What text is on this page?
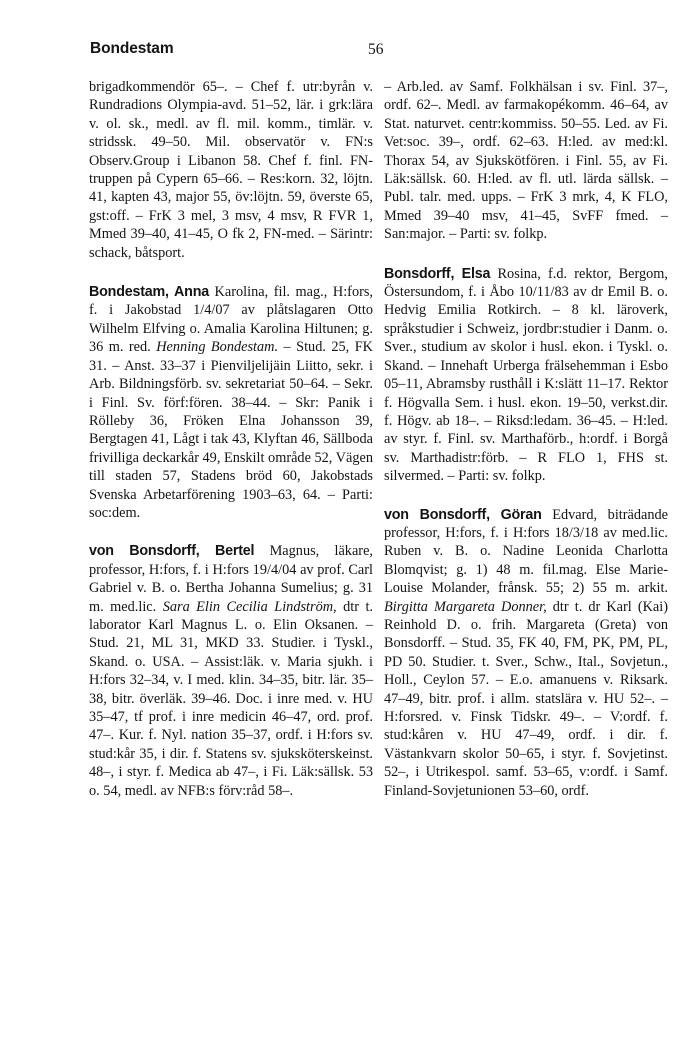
Bondestam	56

brigadkommendör 65–. – Chef f. utr:byrån v. Rundradions Olympia-avd. 51–52, lär. i grk:lära v. ol. sk., medl. av fl. mil. komm., timlär. v. stridssk. 49–50. Mil. observatör v. FN:s Observ.Group i Libanon 58. Chef f. finl. FN-truppen på Cypern 65–66. – Res:korn. 32, löjtn. 41, kapten 43, major 55, öv:löjtn. 59, överste 65, gst:off. – FrK 3 mel, 3 msv, 4 msv, R FVR 1, Mmed 39–40, 41–45, O fk 2, FN-med. – Särintr: schack, båtsport.

Bondestam, Anna Karolina, fil. mag., H:fors, f. i Jakobstad 1/4/07 av plåtslagaren Otto Wilhelm Elfving o. Amalia Karolina Hiltunen; g. 36 m. red. Henning Bondestam. – Stud. 25, FK 31. – Anst. 33–37 i Pienviljelijäin Liitto, sekr. i Arb. Bildningsförb. sv. sekretariat 50–64. – Sekr. i Finl. Sv. förf:fören. 38–44. – Skr: Panik i Rölleby 36, Fröken Elna Johansson 39, Bergtagen 41, Lågt i tak 43, Klyftan 46, Sällboda frivilliga deckarkår 49, Enskilt område 52, Vägen till staden 57, Stadens bröd 60, Jakobstads Svenska Arbetarförening 1903–63, 64. – Parti: soc:dem.

von Bonsdorff, Bertel Magnus, läkare, professor, H:fors, f. i H:fors 19/4/04 av prof. Carl Gabriel v. B. o. Bertha Johanna Sumelius; g. 31 m. med.lic. Sara Elin Cecilia Lindström, dtr t. laborator Karl Magnus L. o. Elin Oksanen. – Stud. 21, ML 31, MKD 33. Studier. i Tyskl., Skand. o. USA. – Assist:läk. v. Maria sjukh. i H:fors 32–34, v. I med. klin. 34–35, bitr. lär. 35–38, bitr. överläk. 39–46. Doc. i inre med. v. HU 35–47, tf prof. i inre medicin 46–47, ord. prof. 47–. Kur. f. Nyl. nation 35–37, ordf. i H:fors sv. stud:kår 35, i dir. f. Statens sv. sjuksköterskeinst. 48–, i styr. f. Medica ab 47–, i Fi. Läk:sällsk. 53 o. 54, medl. av NFB:s förv:råd 58–.

– Arb.led. av Samf. Folkhälsan i sv. Finl. 37–, ordf. 62–. Medl. av farmakopékomm. 46–64, av Stat. naturvet. centr:kommiss. 50–55. Led. av Fi. Vet:soc. 39–, ordf. 62–63. H:led. av med:kl. Thorax 54, av Sjukskötfören. i Finl. 55, av Fi. Läk:sällsk. 60. H:led. av fl. utl. lärda sällsk. – Publ. talr. med. upps. – FrK 3 mrk, 4, K FLO, Mmed 39–40 msv, 41–45, SvFF fmed. – San:major. – Parti: sv. folkp.

Bonsdorff, Elsa Rosina, f.d. rektor, Bergom, Östersundom, f. i Åbo 10/11/83 av dr Emil B. o. Hedvig Emilia Rotkirch. – 8 kl. läroverk, språkstudier i Schweiz, jordbr:studier i Danm. o. Sver., studium av skolor i husl. ekon. i Tyskl. o. Skand. – Innehaft Urberga frälsehemman i Esbo 05–11, Abramsby rusthåll i K:slätt 11–17. Rektor f. Högvalla Sem. i husl. ekon. 19–50, verkst.dir. f. Högv. ab 18–. – Riksd:ledam. 36–45. – H:led. av styr. f. Finl. sv. Marthaförb., h:ordf. i Borgå sv. Marthadistr:förb. – R FLO 1, FHS st. silvermed. – Parti: sv. folkp.

von Bonsdorff, Göran Edvard, biträdande professor, H:fors, f. i H:fors 18/3/18 av med.lic. Ruben v. B. o. Nadine Leonida Charlotta Blomqvist; g. 1) 48 m. fil.mag. Else Marie-Louise Molander, frånsk. 55; 2) 55 m. arkit. Birgitta Margareta Donner, dtr t. dr Karl (Kai) Reinhold D. o. frih. Margareta (Greta) von Bonsdorff. – Stud. 35, FK 40, FM, PK, PM, PL, PD 50. Studier. t. Sver., Schw., Ital., Sovjetun., Holl., Ceylon 57. – E.o. amanuens v. Riksark. 47–49, bitr. prof. i allm. statslära v. HU 52–. – H:forsred. v. Finsk Tidskr. 49–. – V:ordf. f. stud:kåren v. HU 47–49, ordf. i dir. f. Västankvarn skolor 50–65, i styr. f. Sovjetinst. 52–, i Utrikespol. samf. 53–65, v:ordf. i Samf. Finland-Sovjetunionen 53–60, ordf.
